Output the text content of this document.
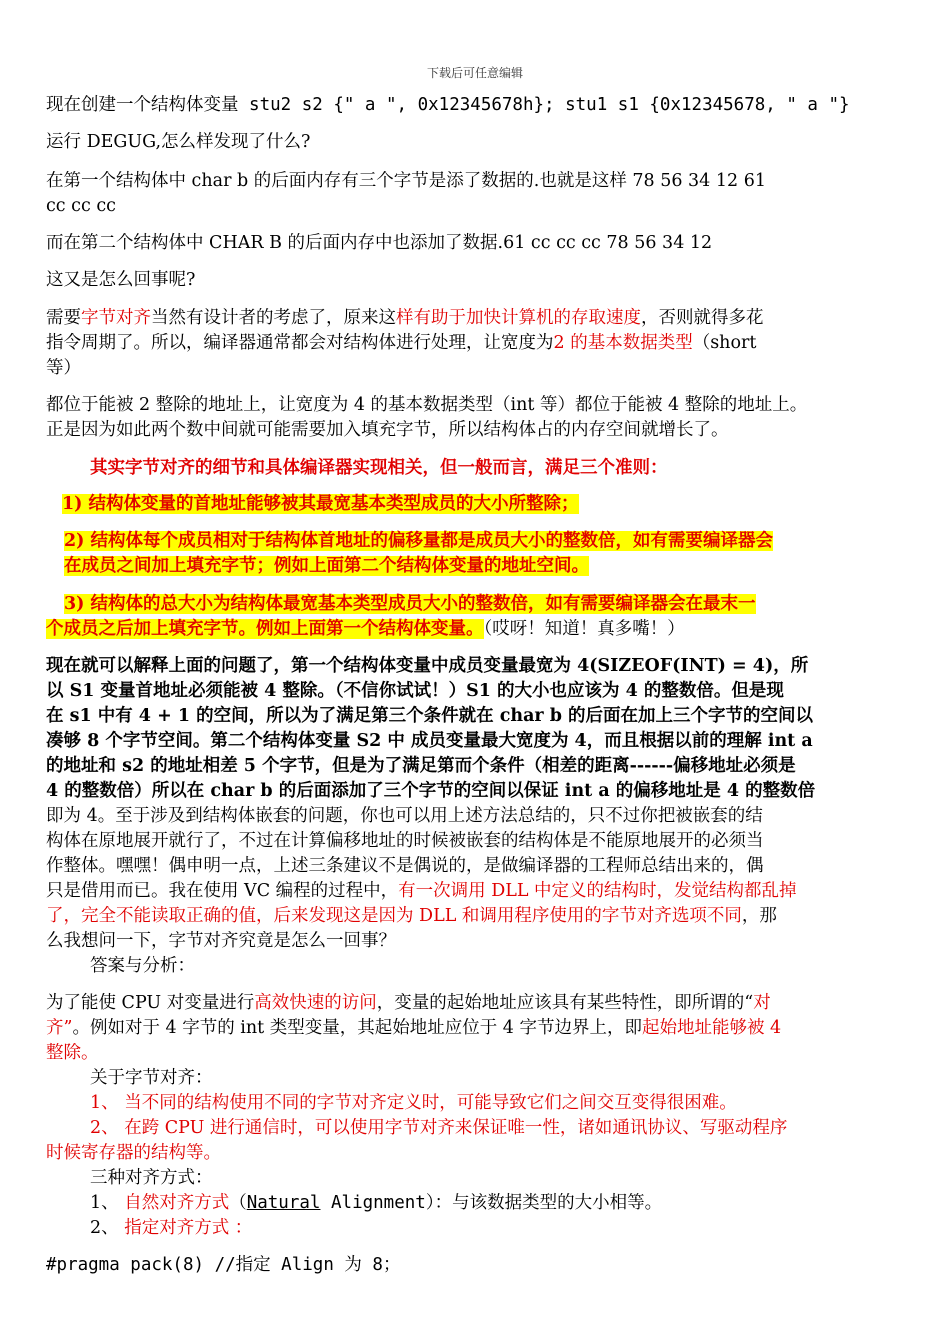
下载后可任意编辑
现在创建一个结构体变量 stu2 s2 {" a ", 0x12345678h}; stu1 s1 {0x12345678, " a "}
运行 DEGUG,怎么样发现了什么?
在第一个结构体中 char b 的后面内存有三个字节是添了数据的.也就是这样 78 56 34 12 61
cc cc cc
而在第二个结构体中 CHAR B 的后面内存中也添加了数据.61 cc cc cc 78 56 34 12
这又是怎么回事呢?
需要字节对齐当然有设计者的考虑了，原来这样有助于加快计算机的存取速度，否则就得多花
指令周期了。所以，编译器通常都会对结构体进行处理，让宽度为2 的基本数据类型（short
等）
都位于能被 2 整除的地址上，让宽度为 4 的基本数据类型（int 等）都位于能被 4 整除的地址上。
正是因为如此两个数中间就可能需要加入填充字节，所以结构体占的内存空间就增长了。
其实字节对齐的细节和具体编译器实现相关，但一般而言，满足三个准则：
1) 结构体变量的首地址能够被其最宽基本类型成员的大小所整除；
2) 结构体每个成员相对于结构体首地址的偏移量都是成员大小的整数倍，如有需要编译器会
在成员之间加上填充字节；例如上面第二个结构体变量的地址空间。
3) 结构体的总大小为结构体最宽基本类型成员大小的整数倍，如有需要编译器会在最末一
个成员之后加上填充字节。例如上面第一个结构体变量。（哎呀！知道！真多嘴！）
现在就可以解释上面的问题了，第一个结构体变量中成员变量最宽为 4(SIZEOF(INT) = 4)，所
以 S1 变量首地址必须能被 4 整除。（不信你试试！）S1 的大小也应该为 4 的整数倍。但是现
在 s1 中有 4 + 1 的空间，所以为了满足第三个条件就在 char b 的后面在加上三个字节的空间以
凑够 8 个字节空间。第二个结构体变量 S2 中 成员变量最大宽度为 4，而且根据以前的理解 int a
的地址和 s2 的地址相差 5 个字节，但是为了满足第而个条件（相差的距离------偏移地址必须是
4 的整数倍）所以在 char b 的后面添加了三个字节的空间以保证 int a 的偏移地址是 4 的整数倍
即为 4。至于涉及到结构体嵌套的问题，你也可以用上述方法总结的，只不过你把被嵌套的结
构体在原地展开就行了，不过在计算偏移地址的时候被嵌套的结构体是不能原地展开的必须当
作整体。嘿嘿！偶申明一点，上述三条建议不是偶说的，是做编译器的工程师总结出来的，偶
只是借用而已。我在使用 VC 编程的过程中，有一次调用 DLL 中定义的结构时，发觉结构都乱掉
了，完全不能读取正确的值，后来发现这是因为 DLL 和调用程序使用的字节对齐选项不同，那
么我想问一下，字节对齐究竟是怎么一回事？
答案与分析：
为了能使 CPU 对变量进行高效快速的访问，变量的起始地址应该具有某些特性，即所谓的“对
齐”。例如对于 4 字节的 int 类型变量，其起始地址应位于 4 字节边界上，即起始地址能够被 4
整除。
关于字节对齐：
1、 当不同的结构使用不同的字节对齐定义时，可能导致它们之间交互变得很困难。
2、 在跨 CPU 进行通信时，可以使用字节对齐来保证唯一性，诸如通讯协议、写驱动程序
时候寄存器的结构等。
三种对齐方式：
1、 自然对齐方式（Natural Alignment）：与该数据类型的大小相等。
2、 指定对齐方式 ：
#pragma pack(8) //指定 Align 为 8；
